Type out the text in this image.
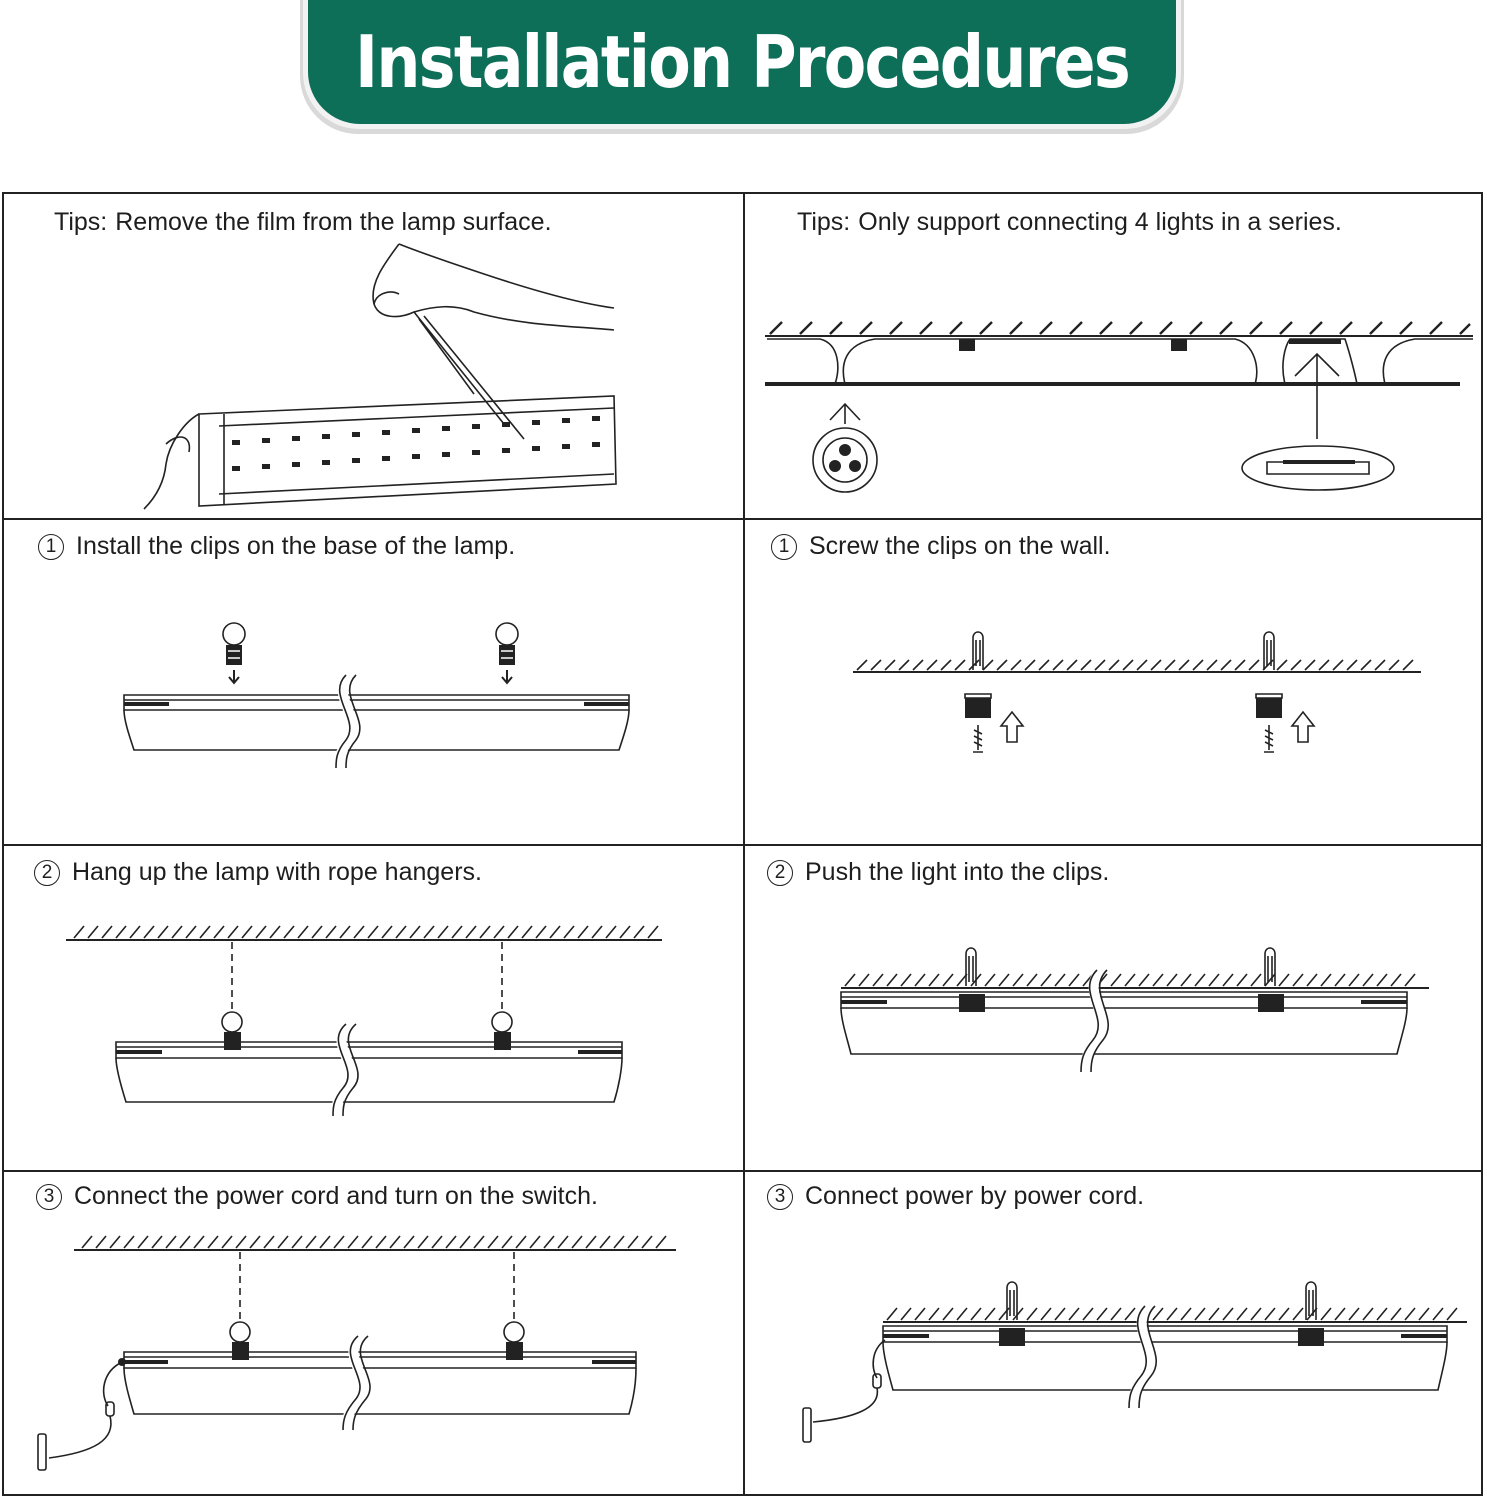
Installation Procedures
Tips: Remove the film from the lamp surface.	Tips: Only support connecting 4 lights in a series.
1 Install the clips on the base of the lamp.	1 Screw the clips on the wall.
2 Hang up the lamp with rope hangers.	2 Push the light into the clips.
3 Connect the power cord and turn on the switch.	3 Connect power by power cord.
